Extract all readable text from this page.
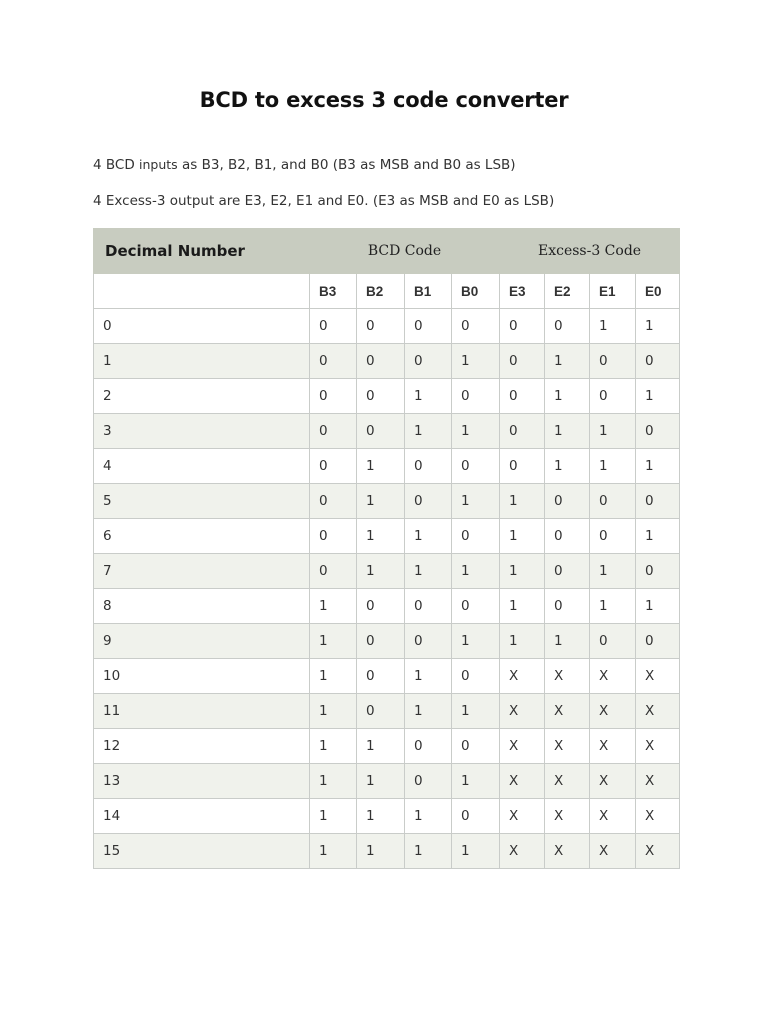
BCD to excess 3 code converter
4 BCD inputs as B3, B2, B1, and B0 (B3 as MSB and B0 as LSB)
4 Excess-3 output are E3, E2, E1 and E0. (E3 as MSB and E0 as LSB)
Decimal Number	BCD Code				Excess-3 Code			
	B3	B2	B1	B0	E3	E2	E1	E0
0	0	0	0	0	0	0	1	1
1	0	0	0	1	0	1	0	0
2	0	0	1	0	0	1	0	1
3	0	0	1	1	0	1	1	0
4	0	1	0	0	0	1	1	1
5	0	1	0	1	1	0	0	0
6	0	1	1	0	1	0	0	1
7	0	1	1	1	1	0	1	0
8	1	0	0	0	1	0	1	1
9	1	0	0	1	1	1	0	0
10	1	0	1	0	X	X	X	X
11	1	0	1	1	X	X	X	X
12	1	1	0	0	X	X	X	X
13	1	1	0	1	X	X	X	X
14	1	1	1	0	X	X	X	X
15	1	1	1	1	X	X	X	X
